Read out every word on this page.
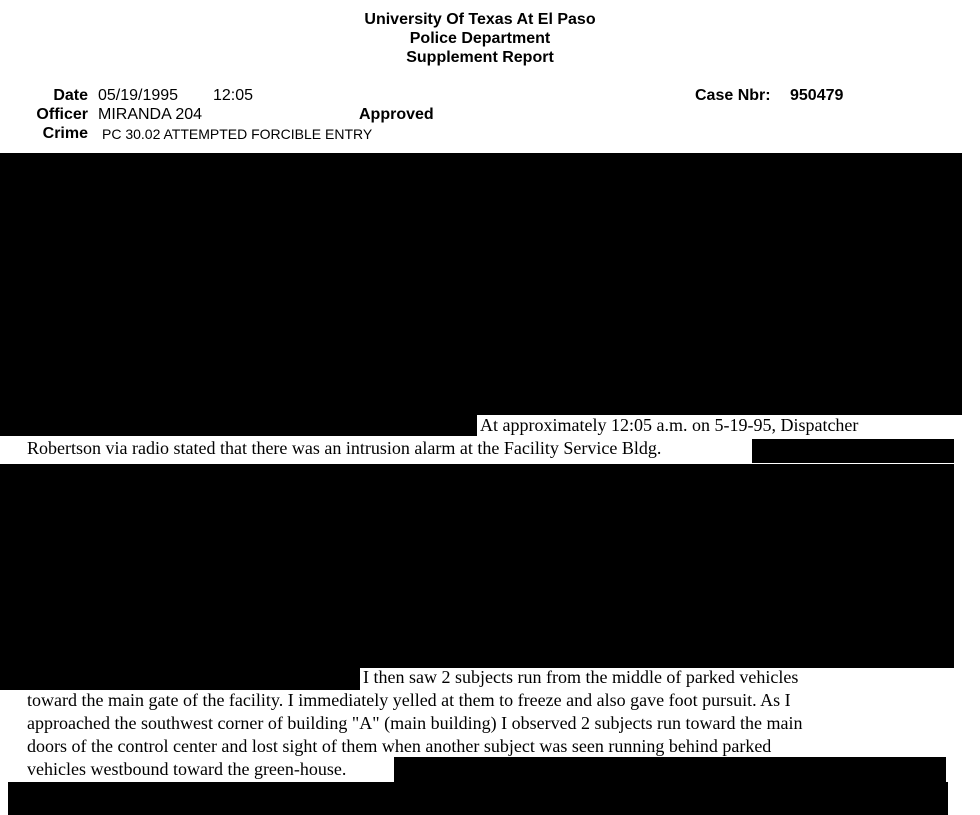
University Of Texas At El Paso
Police Department
Supplement Report
Date 05/19/1995 12:05
Officer MIRANDA 204	Approved
Crime PC 30.02 ATTEMPTED FORCIBLE ENTRY
Case Nbr: 950479
At approximately 12:05 a.m. on 5-19-95, Dispatcher
Robertson via radio stated that there was an intrusion alarm at the Facility Service Bldg.
I then saw 2 subjects run from the middle of parked vehicles
toward the main gate of the facility. I immediately yelled at them to freeze and also gave foot pursuit. As I
approached the southwest corner of building "A" (main building) I observed 2 subjects run toward the main
doors of the control center and lost sight of them when another subject was seen running behind parked
vehicles westbound toward the green-house.
